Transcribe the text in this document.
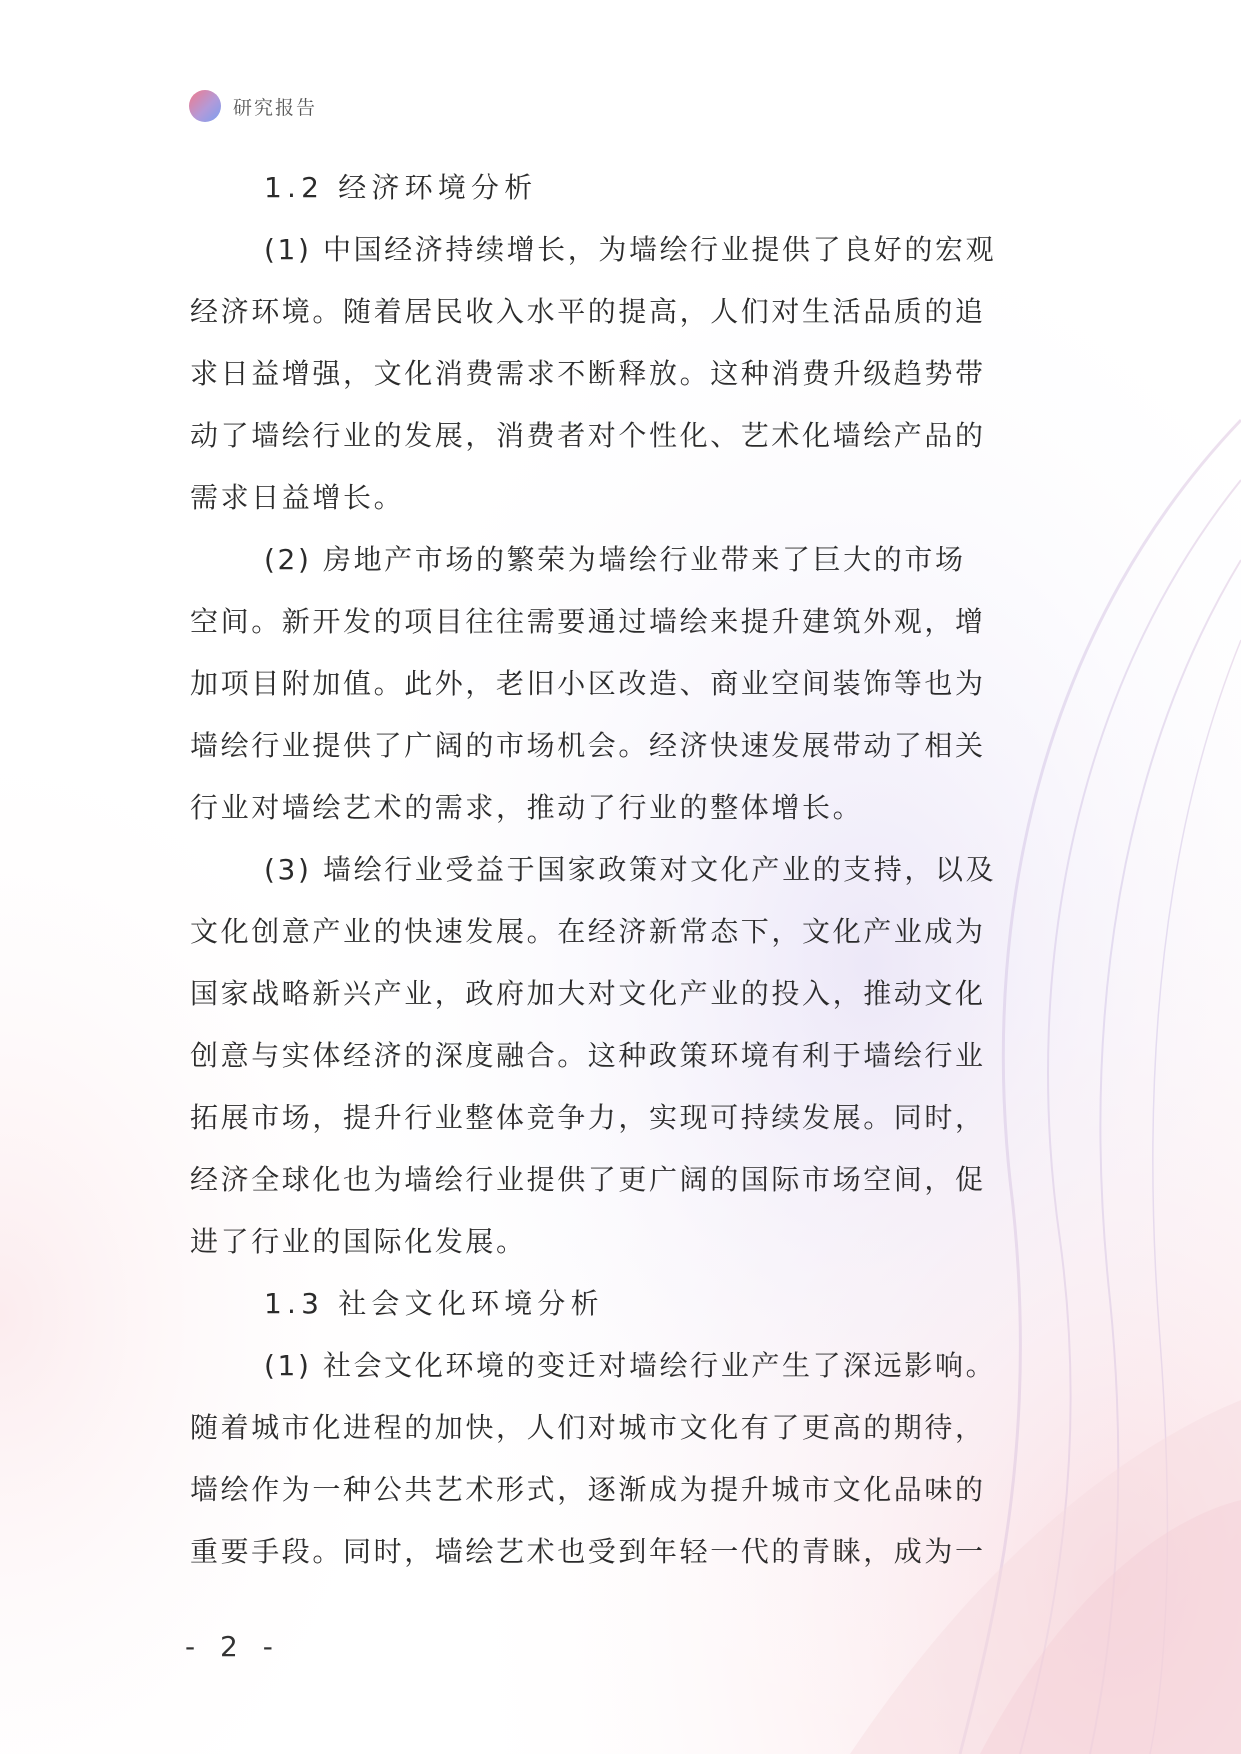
研究报告
1.2 经济环境分析
(1) 中国经济持续增长，为墙绘行业提供了良好的宏观
经济环境。随着居民收入水平的提高，人们对生活品质的追
求日益增强，文化消费需求不断释放。这种消费升级趋势带
动了墙绘行业的发展，消费者对个性化、艺术化墙绘产品的
需求日益增长。
(2) 房地产市场的繁荣为墙绘行业带来了巨大的市场
空间。新开发的项目往往需要通过墙绘来提升建筑外观，增
加项目附加值。此外，老旧小区改造、商业空间装饰等也为
墙绘行业提供了广阔的市场机会。经济快速发展带动了相关
行业对墙绘艺术的需求，推动了行业的整体增长。
(3) 墙绘行业受益于国家政策对文化产业的支持，以及
文化创意产业的快速发展。在经济新常态下，文化产业成为
国家战略新兴产业，政府加大对文化产业的投入，推动文化
创意与实体经济的深度融合。这种政策环境有利于墙绘行业
拓展市场，提升行业整体竞争力，实现可持续发展。同时，
经济全球化也为墙绘行业提供了更广阔的国际市场空间，促
进了行业的国际化发展。
1.3 社会文化环境分析
(1) 社会文化环境的变迁对墙绘行业产生了深远影响。
随着城市化进程的加快，人们对城市文化有了更高的期待，
墙绘作为一种公共艺术形式，逐渐成为提升城市文化品味的
重要手段。同时，墙绘艺术也受到年轻一代的青睐，成为一
- 2 -
